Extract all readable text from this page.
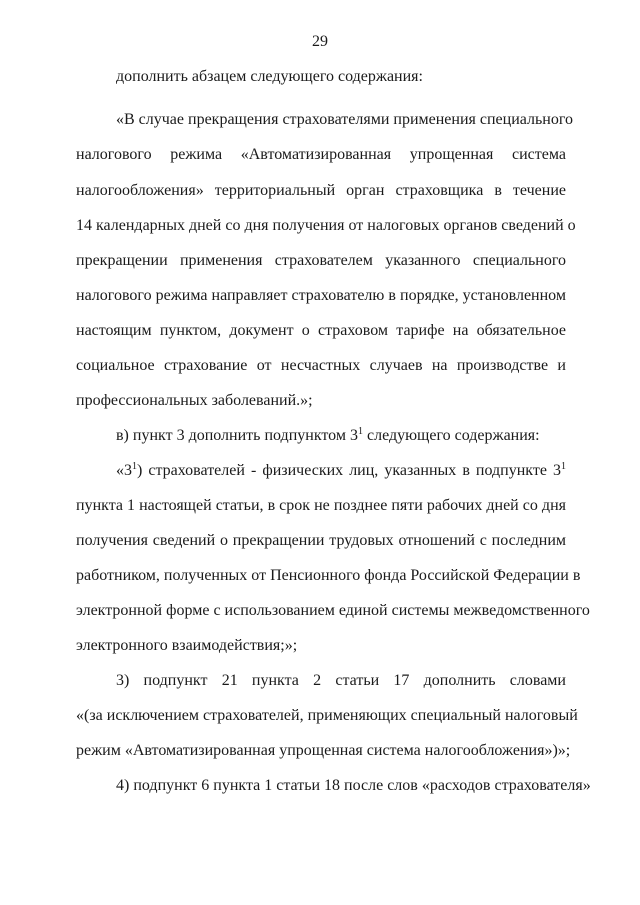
29
дополнить абзацем следующего содержания:
«В случае прекращения страхователями применения специального
налогового режима «Автоматизированная упрощенная система
налогообложения» территориальный орган страховщика в течение
14 календарных дней со дня получения от налоговых органов сведений о
прекращении применения страхователем указанного специального
налогового режима направляет страхователю в порядке, установленном
настоящим пунктом, документ о страховом тарифе на обязательное
социальное страхование от несчастных случаев на производстве и
профессиональных заболеваний.»;
в) пункт 3 дополнить подпунктом $3^1$ следующего содержания:
«$3^1$) страхователей - физических лиц, указанных в подпункте $3^1$
пункта 1 настоящей статьи, в срок не позднее пяти рабочих дней со дня
получения сведений о прекращении трудовых отношений с последним
работником, полученных от Пенсионного фонда Российской Федерации в
электронной форме с использованием единой системы межведомственного
электронного взаимодействия;»;
3) подпункт 21 пункта 2 статьи 17 дополнить словами
«(за исключением страхователей, применяющих специальный налоговый
режим «Автоматизированная упрощенная система налогообложения»)»;
4) подпункт 6 пункта 1 статьи 18 после слов «расходов страхователя»
